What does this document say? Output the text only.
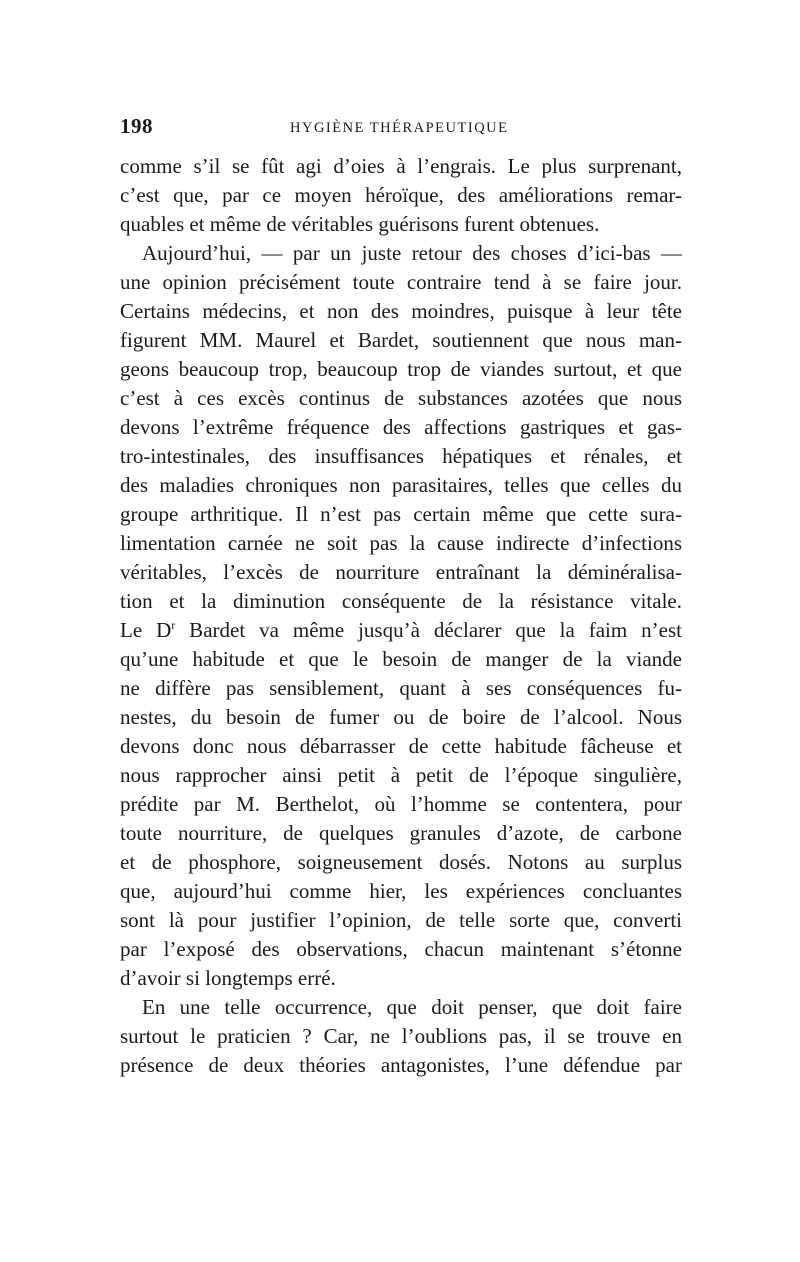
198	HYGIÈNE THÉRAPEUTIQUE
comme s’il se fût agi d’oies à l’engrais. Le plus surprenant,
c’est que, par ce moyen héroïque, des améliorations remar-
quables et même de véritables guérisons furent obtenues.
Aujourd’hui, — par un juste retour des choses d’ici-bas —
une opinion précisément toute contraire tend à se faire jour.
Certains médecins, et non des moindres, puisque à leur tête
figurent MM. Maurel et Bardet, soutiennent que nous man-
geons beaucoup trop, beaucoup trop de viandes surtout, et que
c’est à ces excès continus de substances azotées que nous
devons l’extrême fréquence des affections gastriques et gas-
tro-intestinales, des insuffisances hépatiques et rénales, et
des maladies chroniques non parasitaires, telles que celles du
groupe arthritique. Il n’est pas certain même que cette sura-
limentation carnée ne soit pas la cause indirecte d’infections
véritables, l’excès de nourriture entraînant la déminéralisa-
tion et la diminution conséquente de la résistance vitale.
Le $D^r$ Bardet va même jusqu’à déclarer que la faim n’est
qu’une habitude et que le besoin de manger de la viande
ne diffère pas sensiblement, quant à ses conséquences fu-
nestes, du besoin de fumer ou de boire de l’alcool. Nous
devons donc nous débarrasser de cette habitude fâcheuse et
nous rapprocher ainsi petit à petit de l’époque singulière,
prédite par M. Berthelot, où l’homme se contentera, pour
toute nourriture, de quelques granules d’azote, de carbone
et de phosphore, soigneusement dosés. Notons au surplus
que, aujourd’hui comme hier, les expériences concluantes
sont là pour justifier l’opinion, de telle sorte que, converti
par l’exposé des observations, chacun maintenant s’étonne
d’avoir si longtemps erré.
En une telle occurrence, que doit penser, que doit faire
surtout le praticien ? Car, ne l’oublions pas, il se trouve en
présence de deux théories antagonistes, l’une défendue par
